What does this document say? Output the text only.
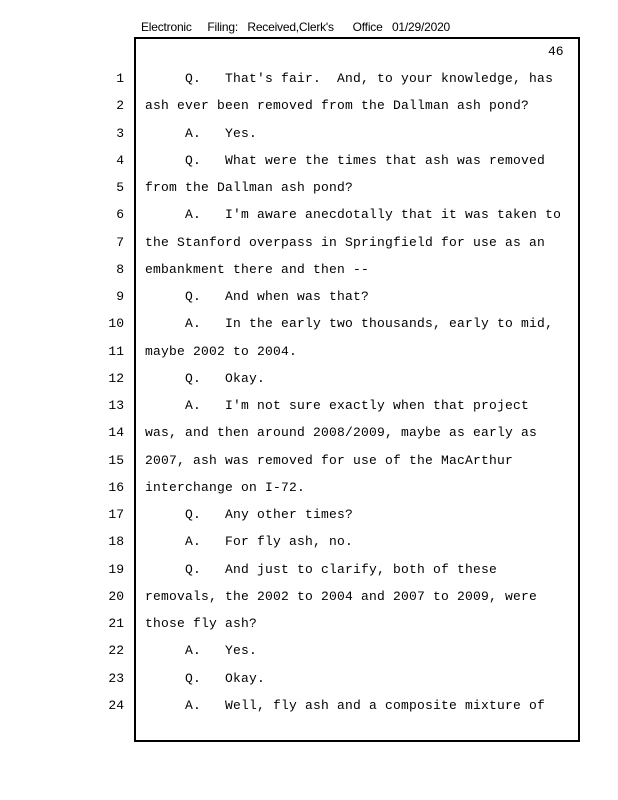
Electronic     Filing:   Received,Clerk's      Office   01/29/2020
46
1 Q.   That's fair.  And, to your knowledge, has
2 ash ever been removed from the Dallman ash pond?
3 A.   Yes.
4 Q.   What were the times that ash was removed
5 from the Dallman ash pond?
6 A.   I'm aware anecdotally that it was taken to
7 the Stanford overpass in Springfield for use as an
8 embankment there and then --
9 Q.   And when was that?
10 A.   In the early two thousands, early to mid,
11 maybe 2002 to 2004.
12 Q.   Okay.
13 A.   I'm not sure exactly when that project
14 was, and then around 2008/2009, maybe as early as
15 2007, ash was removed for use of the MacArthur
16 interchange on I-72.
17 Q.   Any other times?
18 A.   For fly ash, no.
19 Q.   And just to clarify, both of these
20 removals, the 2002 to 2004 and 2007 to 2009, were
21 those fly ash?
22 A.   Yes.
23 Q.   Okay.
24 A.   Well, fly ash and a composite mixture of
